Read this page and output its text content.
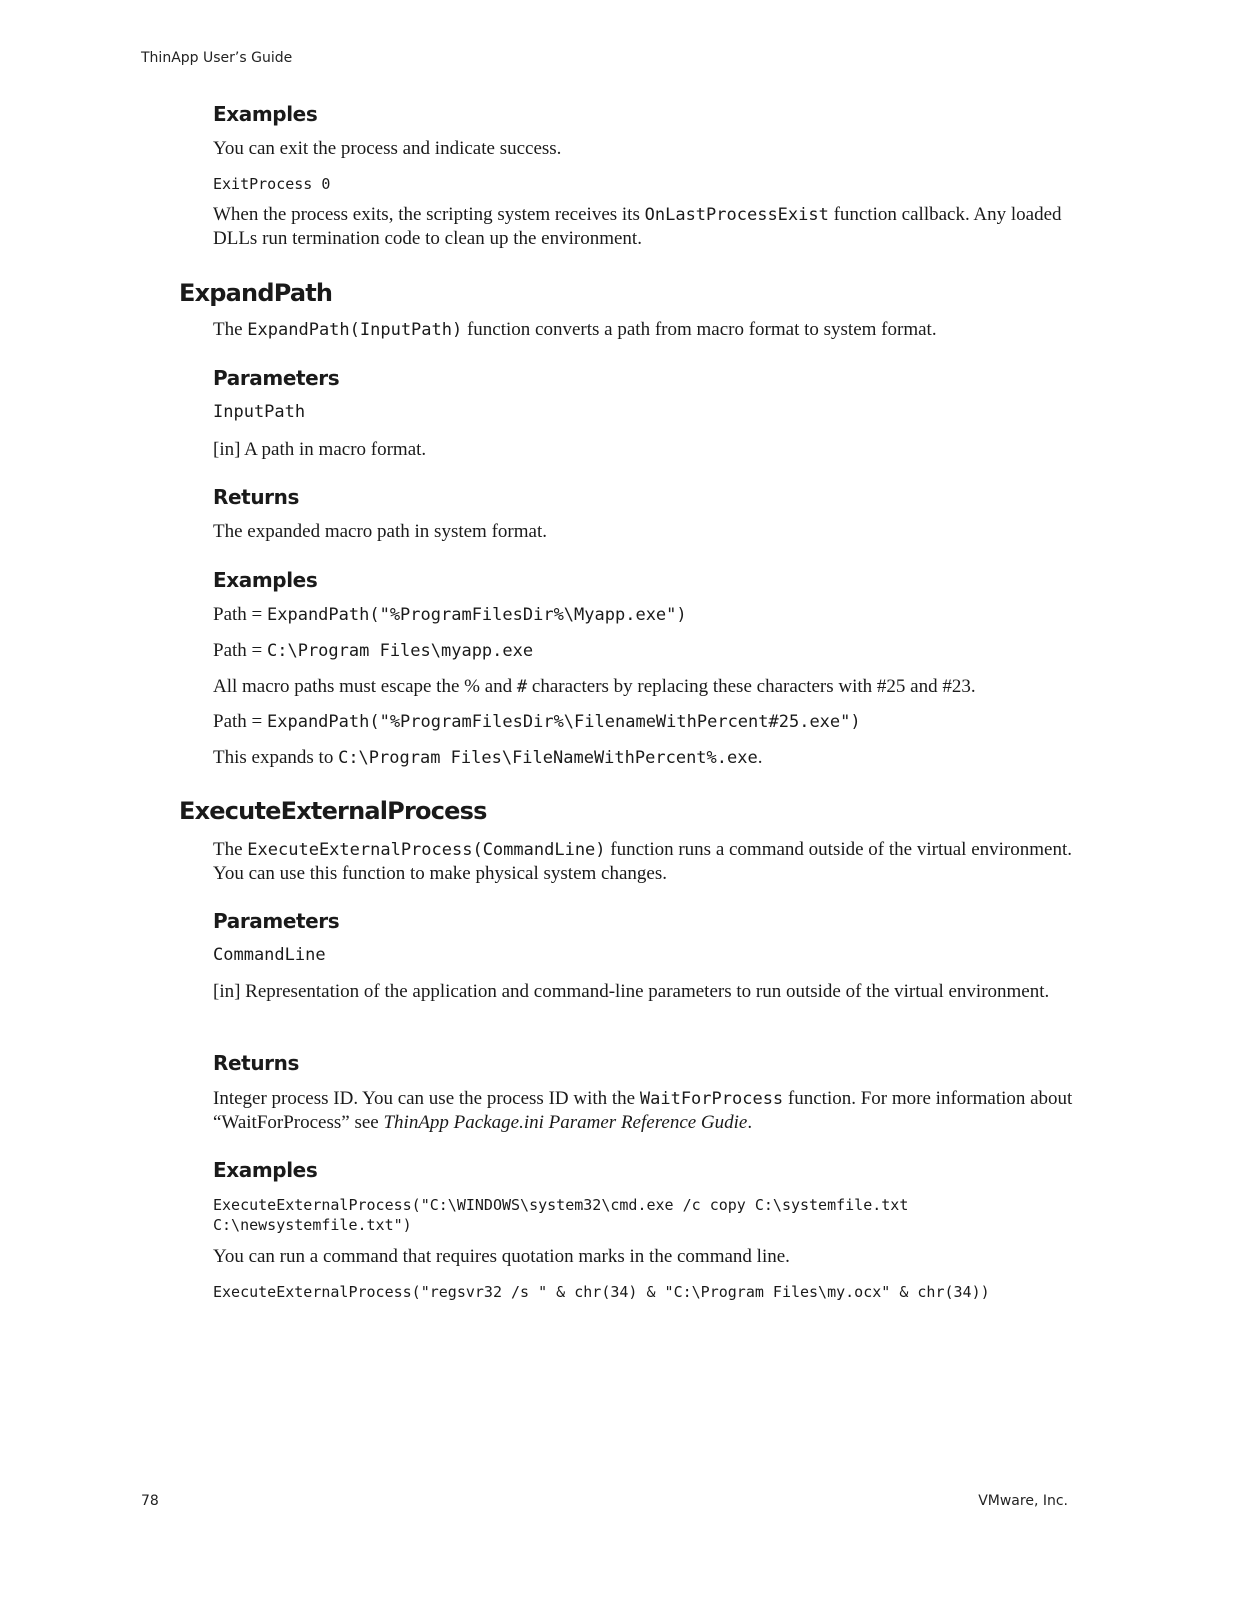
ThinApp User’s Guide
Examples
You can exit the process and indicate success.
ExitProcess 0

When the process exits, the scripting system receives its OnLastProcessExist function callback. Any loaded DLLs run termination code to clean up the environment.

ExpandPath

The ExpandPath(InputPath) function converts a path from macro format to system format.

Parameters
InputPath
[in] A path in macro format.
Returns
The expanded macro path in system format.
Examples
Path = ExpandPath("%ProgramFilesDir%\Myapp.exe")
Path = C:\Program Files\myapp.exe
All macro paths must escape the % and # characters by replacing these characters with #25 and #23.
Path = ExpandPath("%ProgramFilesDir%\FilenameWithPercent#25.exe")
This expands to C:\Program Files\FileNameWithPercent%.exe.
ExecuteExternalProcess

The ExecuteExternalProcess(CommandLine) function runs a command outside of the virtual environment. You can use this function to make physical system changes.

Parameters
CommandLine

[in] Representation of the application and command-line parameters to run outside of the virtual environment.

Returns

Integer process ID. You can use the process ID with the WaitForProcess function. For more information about “WaitForProcess” see ThinApp Package.ini Paramer Reference Gudie.

Examples
ExecuteExternalProcess("C:\WINDOWS\system32\cmd.exe /c copy C:\systemfile.txt
C:\newsystemfile.txt")
You can run a command that requires quotation marks in the command line.
ExecuteExternalProcess("regsvr32 /s " & chr(34) & "C:\Program Files\my.ocx" & chr(34))
78	VMware, Inc.
